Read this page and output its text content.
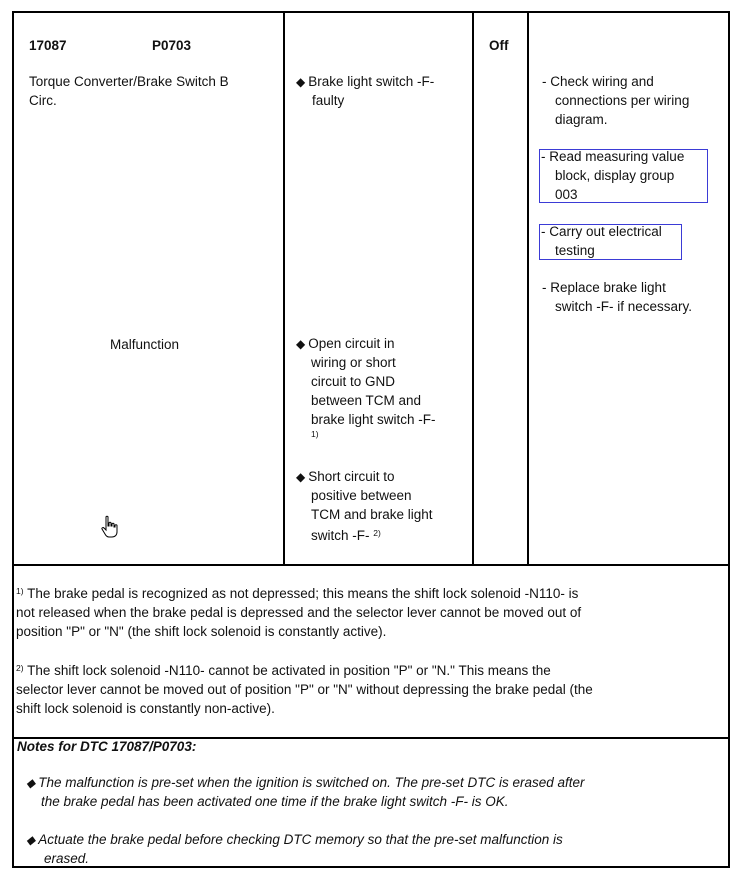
17087	P0703
Torque Converter/Brake Switch B
Circ.
Malfunction
Off
◆ Brake light switch -F-
faulty
◆ Open circuit in
wiring or short
circuit to GND
between TCM and
brake light switch -F-
1)
◆ Short circuit to
positive between
TCM and brake light
switch -F- $^{2)}$
- Check wiring and
connections per wiring
diagram.
- Read measuring value
block, display group
003
- Carry out electrical
testing
- Replace brake light
switch -F- if necessary.
$^{1)}$ The brake pedal is recognized as not depressed; this means the shift lock solenoid -N110- is
not released when the brake pedal is depressed and the selector lever cannot be moved out of
position "P" or "N" (the shift lock solenoid is constantly active).
$^{2)}$ The shift lock solenoid -N110- cannot be activated in position "P" or "N." This means the
selector lever cannot be moved out of position "P" or "N" without depressing the brake pedal (the
shift lock solenoid is constantly non-active).
Notes for DTC 17087/P0703:
◆ The malfunction is pre-set when the ignition is switched on. The pre-set DTC is erased after
the brake pedal has been activated one time if the brake light switch -F- is OK.
◆ Actuate the brake pedal before checking DTC memory so that the pre-set malfunction is
erased.
